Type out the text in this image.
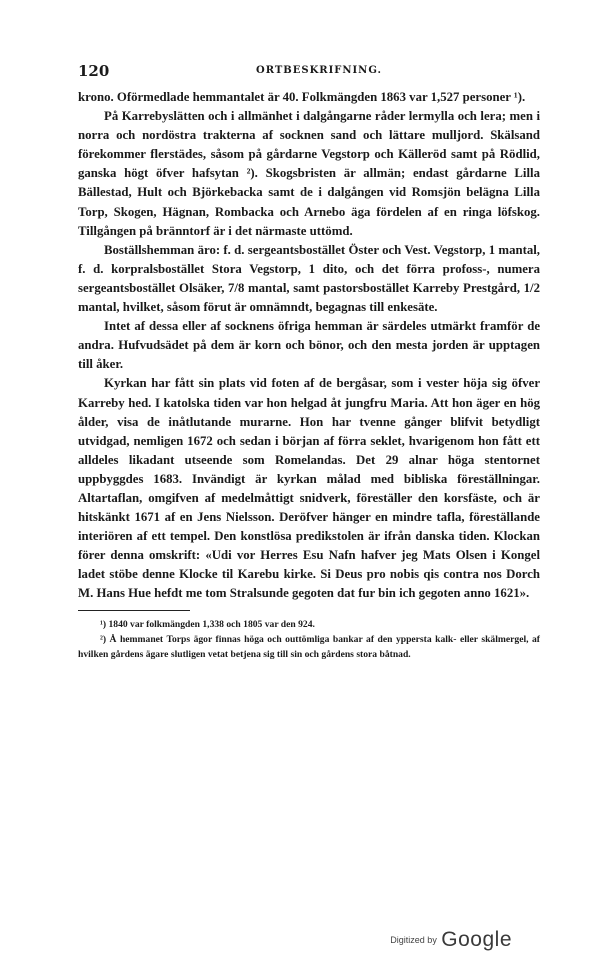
120	ORTBESKRIFNING.

krono. Oförmedlade hemmantalet är 40. Folkmängden 1863 var 1,527 personer ¹).

På Karrebyslätten och i allmänhet i dalgångarne råder lermylla och lera; men i norra och nordöstra trakterna af socknen sand och lättare mulljord. Skälsand förekommer flerstädes, såsom på gårdarne Vegstorp och Källeröd samt på Rödlid, ganska högt öfver hafsytan ²). Skogsbristen är allmän; endast gårdarne Lilla Bällestad, Hult och Björkebacka samt de i dalgången vid Romsjön belägna Lilla Torp, Skogen, Hägnan, Rombacka och Arnebo äga fördelen af en ringa löfskog. Tillgången på bränntorf är i det närmaste uttömd.

Boställshemman äro: f. d. sergeantsbostället Öster och Vest. Vegstorp, 1 mantal, f. d. korpralsbostället Stora Vegstorp, 1 dito, och det förra profoss-, numera sergeantsbostället Olsäker, 7/8 mantal, samt pastorsbostället Karreby Prestgård, 1/2 mantal, hvilket, såsom förut är omnämndt, begagnas till enkesäte.

Intet af dessa eller af socknens öfriga hemman är särdeles utmärkt framför de andra. Hufvudsädet på dem är korn och bönor, och den mesta jorden är upptagen till åker.

Kyrkan har fått sin plats vid foten af de bergåsar, som i vester höja sig öfver Karreby hed. I katolska tiden var hon helgad åt jungfru Maria. Att hon äger en hög ålder, visa de inåtlutande murarne. Hon har tvenne gånger blifvit betydligt utvidgad, nemligen 1672 och sedan i början af förra seklet, hvarigenom hon fått ett alldeles likadant utseende som Romelandas. Det 29 alnar höga stentornet uppbyggdes 1683. Invändigt är kyrkan målad med bibliska föreställningar. Altartaflan, omgifven af medelmåttigt snidverk, föreställer den korsfäste, och är hitskänkt 1671 af en Jens Nielsson. Deröfver hänger en mindre tafla, föreställande interiören af ett tempel. Den konstlösa predikstolen är ifrån danska tiden. Klockan förer denna omskrift: «Udi vor Herres Esu Nafn hafver jeg Mats Olsen i Kongel ladet stöbe denne Klocke til Karebu kirke. Si Deus pro nobis qis contra nos Dorch M. Hans Hue hefdt me tom Stralsunde gegoten dat fur bin ich gegoten anno 1621».

¹) 1840 var folkmängden 1,338 och 1805 var den 924.

²) Å hemmanet Torps ägor finnas höga och outtömliga bankar af den yppersta kalk- eller skälmergel, af hvilken gårdens ägare slutligen vetat betjena sig till sin och gårdens stora båtnad.

Digitized by Google
